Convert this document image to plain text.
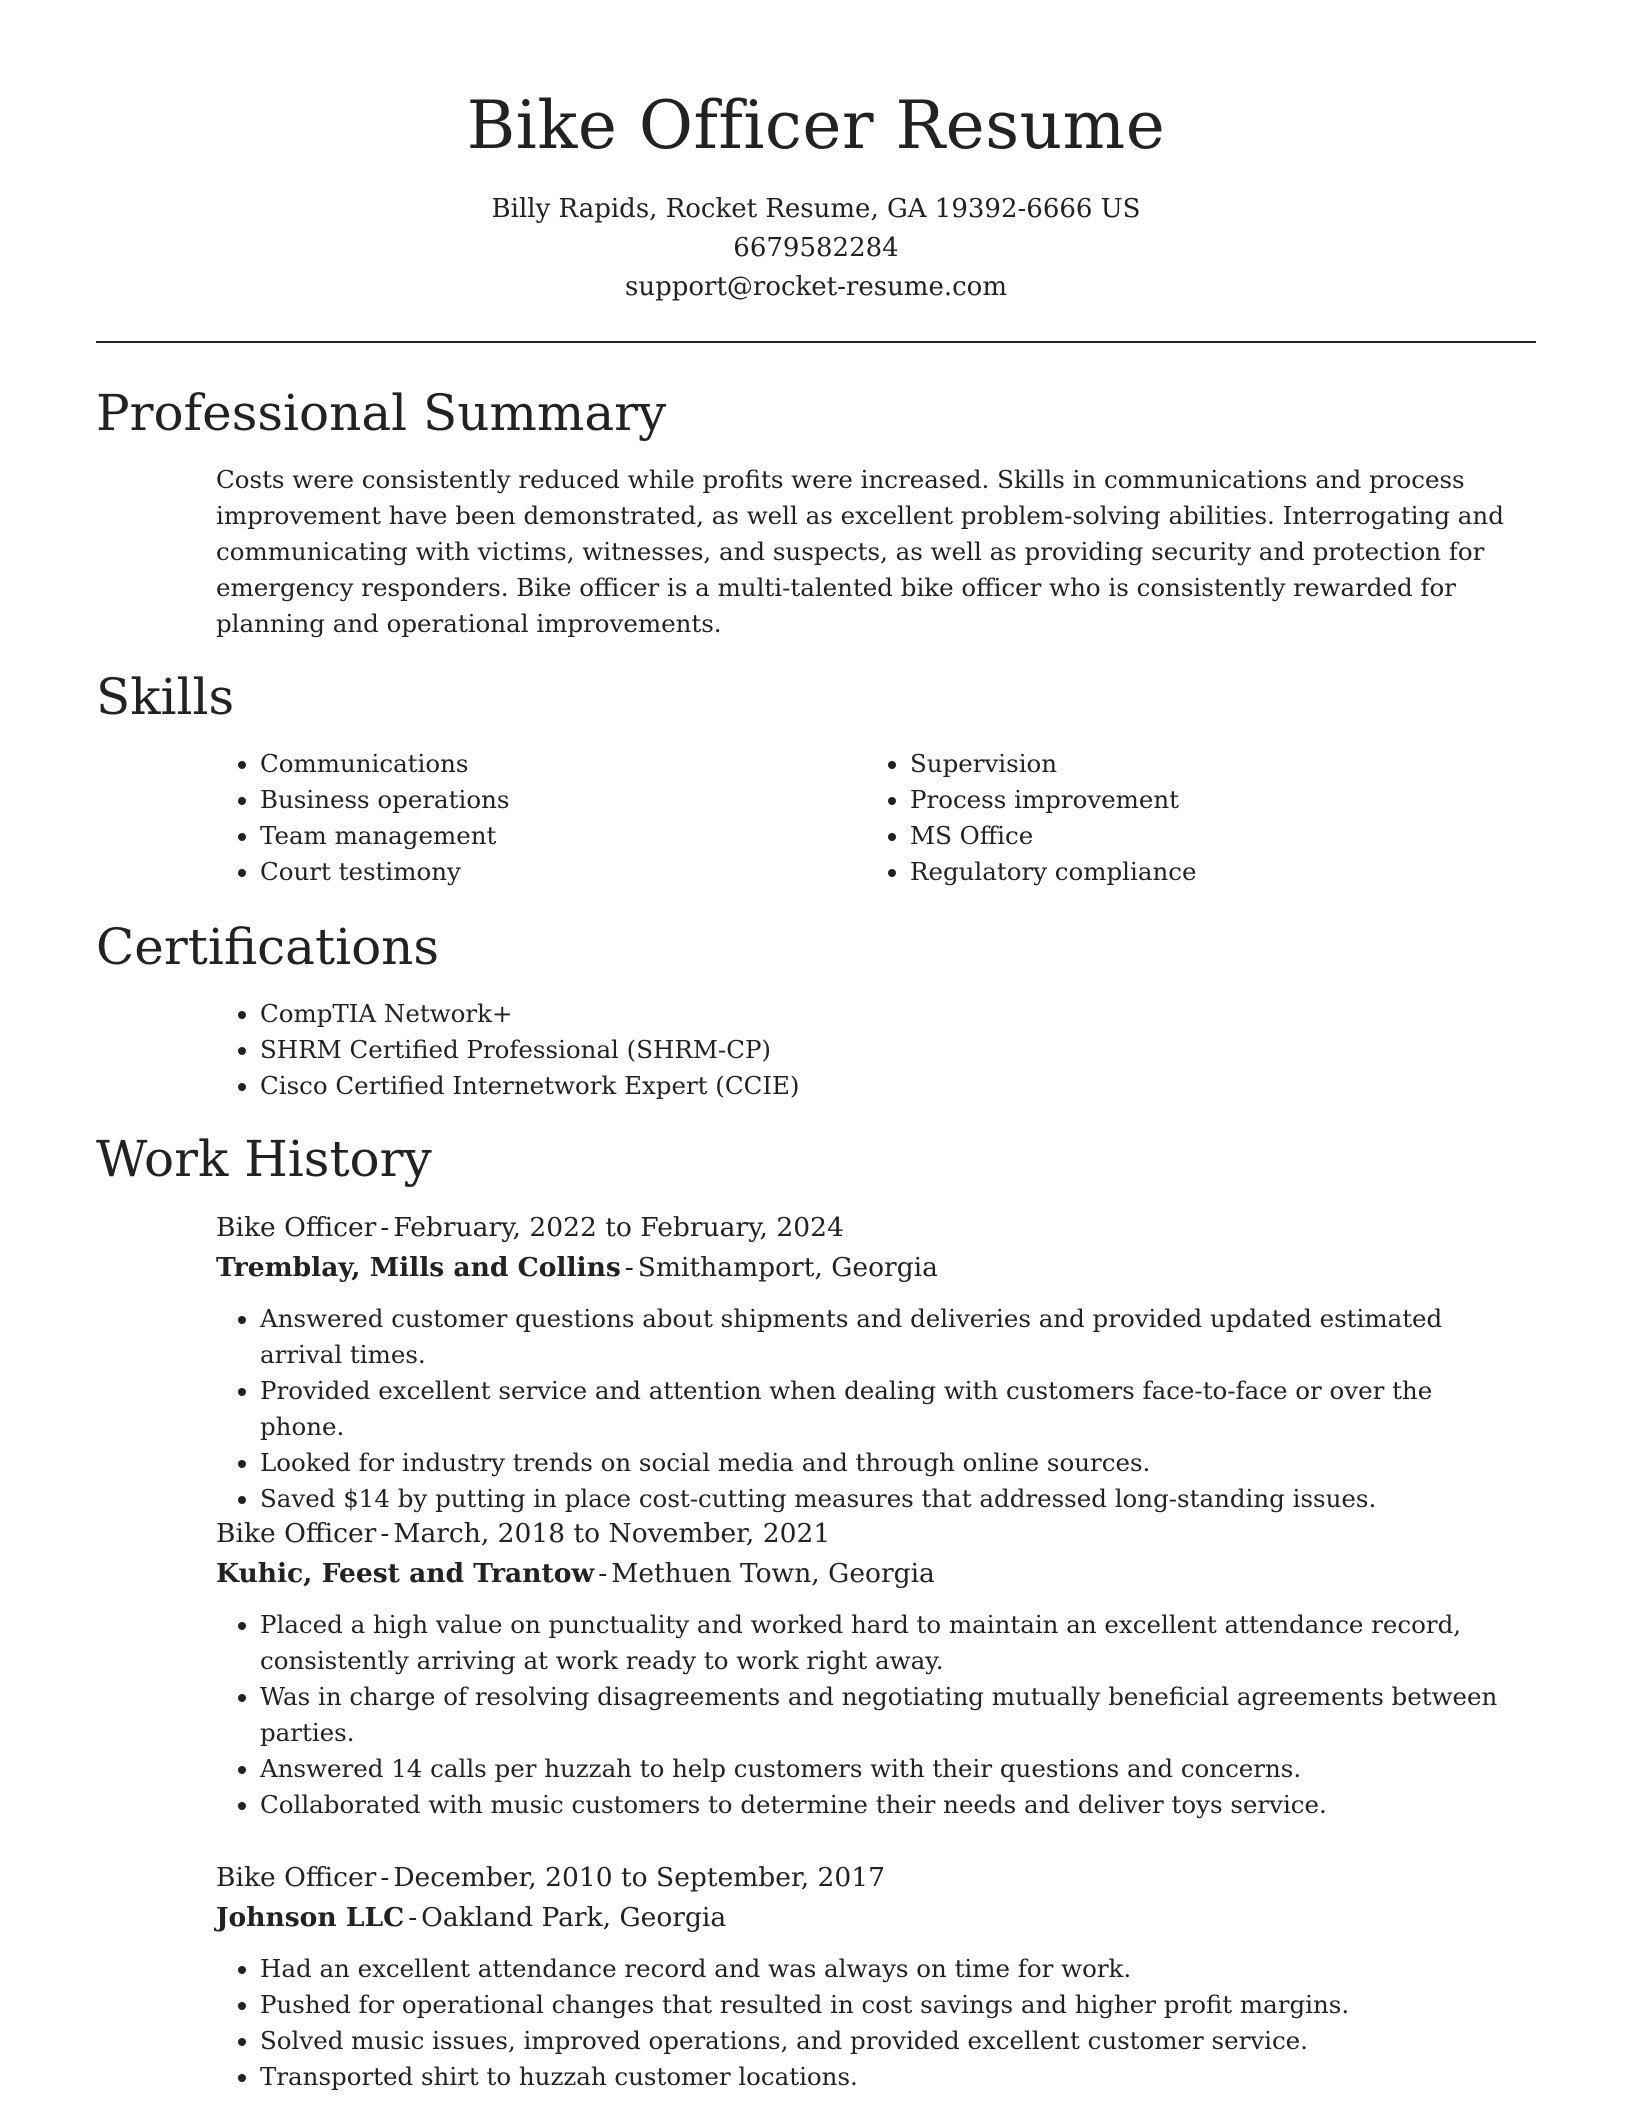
Bike Officer Resume
Billy Rapids, Rocket Resume, GA 19392-6666 US
6679582284
support@rocket-resume.com
Professional Summary

Costs were consistently reduced while profits were increased. Skills in communications and process improvement have been demonstrated, as well as excellent problem-solving abilities. Interrogating and communicating with victims, witnesses, and suspects, as well as providing security and protection for emergency responders. Bike officer is a multi-talented bike officer who is consistently rewarded for planning and operational improvements.

Skills
• Communications
• Business operations
• Team management
• Court testimony
• Supervision
• Process improvement
• MS Office
• Regulatory compliance
Certifications
• CompTIA Network+
• SHRM Certified Professional (SHRM-CP)
• Cisco Certified Internetwork Expert (CCIE)
Work History
Bike Officer - February, 2022 to February, 2024
Tremblay, Mills and Collins - Smithamport, Georgia
• Answered customer questions about shipments and deliveries and provided updated estimated arrival times.
• Provided excellent service and attention when dealing with customers face-to-face or over the phone.
• Looked for industry trends on social media and through online sources.
• Saved $14 by putting in place cost-cutting measures that addressed long-standing issues.
Bike Officer - March, 2018 to November, 2021
Kuhic, Feest and Trantow - Methuen Town, Georgia
• Placed a high value on punctuality and worked hard to maintain an excellent attendance record, consistently arriving at work ready to work right away.
• Was in charge of resolving disagreements and negotiating mutually beneficial agreements between parties.
• Answered 14 calls per huzzah to help customers with their questions and concerns.
• Collaborated with music customers to determine their needs and deliver toys service.
Bike Officer - December, 2010 to September, 2017
Johnson LLC - Oakland Park, Georgia
• Had an excellent attendance record and was always on time for work.
• Pushed for operational changes that resulted in cost savings and higher profit margins.
• Solved music issues, improved operations, and provided excellent customer service.
• Transported shirt to huzzah customer locations.
